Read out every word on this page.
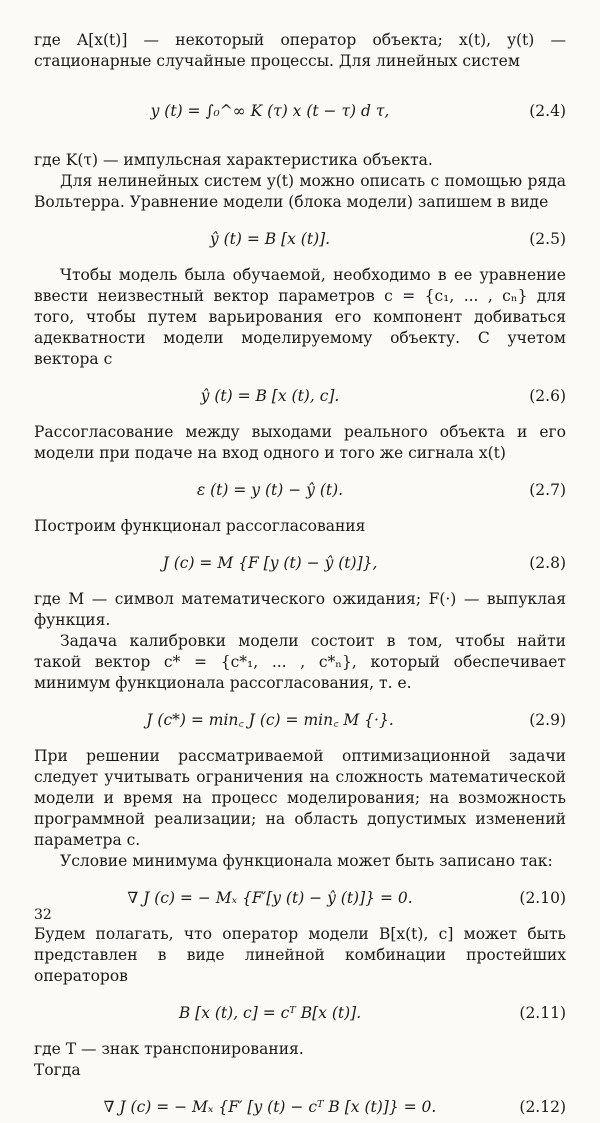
где A[x(t)] — некоторый оператор объекта; x(t), y(t) — стационарные случайные процессы. Для линейных систем

y (t) = ∫₀^∞ K (τ) x (t − τ) d τ,	(2.4)

где K(τ) — импульсная характеристика объекта.

Для нелинейных систем y(t) можно описать с помощью ряда Вольтерра. Уравнение модели (блока модели) запишем в виде

ŷ (t) = B [x (t)].	(2.5)

Чтобы модель была обучаемой, необходимо в ее уравнение ввести неизвестный вектор параметров c = {c₁, ... , cₙ} для того, чтобы путем варьирования его компонент добиваться адекватности модели моделируемому объекту. С учетом вектора c

ŷ (t) = B [x (t), c].	(2.6)

Рассогласование между выходами реального объекта и его модели при подаче на вход одного и того же сигнала x(t)

ε (t) = y (t) − ŷ (t).	(2.7)

Построим функционал рассогласования

J (c) = M {F [y (t) − ŷ (t)]},	(2.8)

где M — символ математического ожидания; F(·) — выпуклая функция.

Задача калибровки модели состоит в том, чтобы найти такой вектор c* = {c*₁, ... , c*ₙ}, который обеспечивает минимум функционала рассогласования, т. е.

J (c*) = min꜀ J (c) = min꜀ M {·}.	(2.9)

При решении рассматриваемой оптимизационной задачи следует учитывать ограничения на сложность математической модели и время на процесс моделирования; на возможность программной реализации; на область допустимых изменений параметра c.

Условие минимума функционала может быть записано так:

∇ J (c) = − Mₓ {F′[y (t) − ŷ (t)]} = 0.	(2.10)

Будем полагать, что оператор модели B[x(t), c] может быть представлен в виде линейной комбинации простейших операторов

B [x (t), c] = cᵀ B[x (t)].	(2.11)

где T — знак транспонирования.

Тогда

∇ J (c) = − Mₓ {F′ [y (t) − cᵀ B [x (t)]} = 0.	(2.12)
32
